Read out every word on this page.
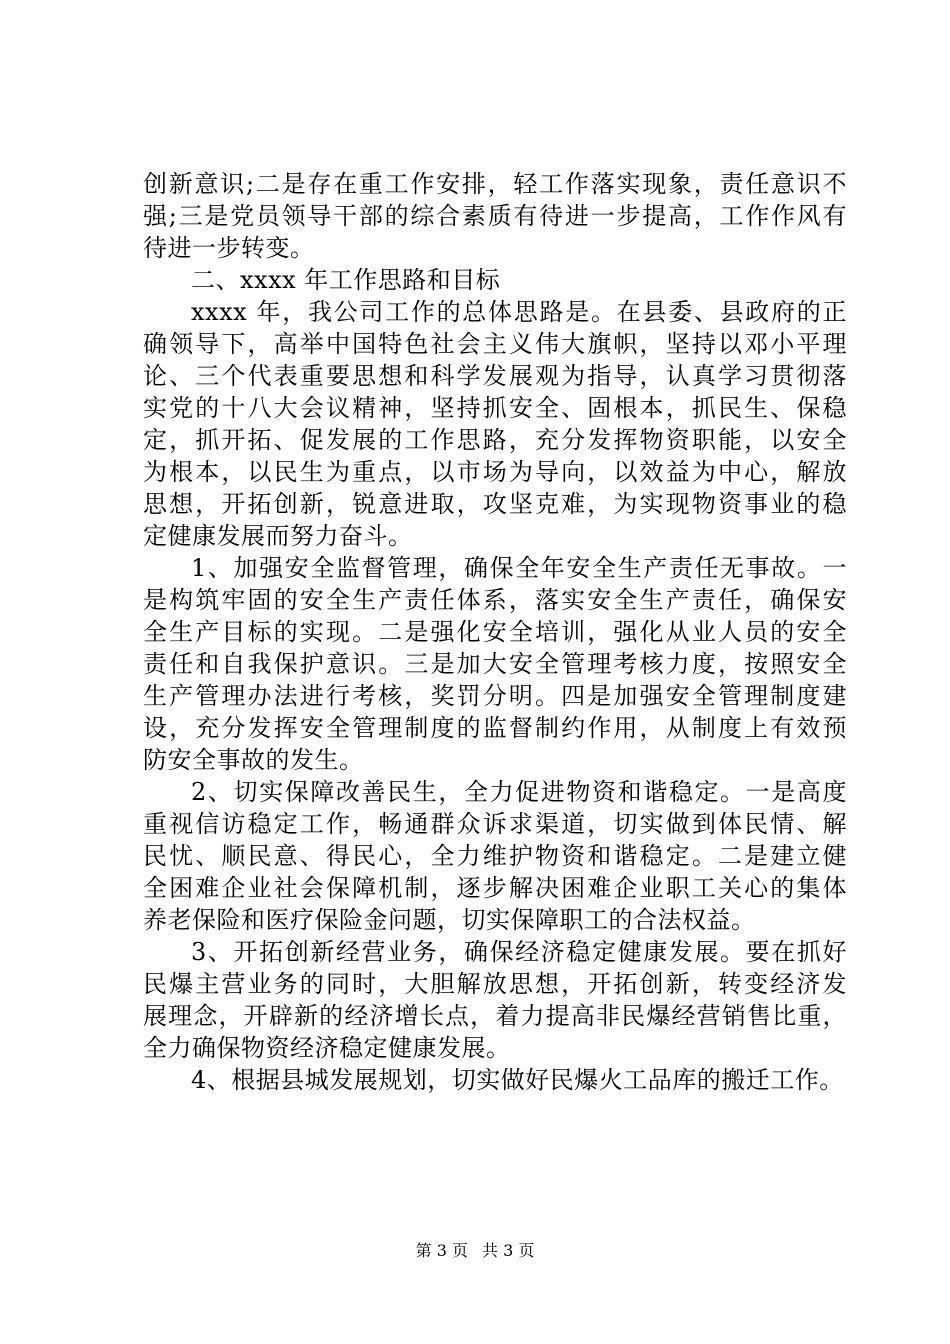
创新意识;二是存在重工作安排，轻工作落实现象，责任意识不
强;三是党员领导干部的综合素质有待进一步提高，工作作风有
待进一步转变。
二、xxxx 年工作思路和目标
xxxx 年，我公司工作的总体思路是。在县委、县政府的正
确领导下，高举中国特色社会主义伟大旗帜，坚持以邓小平理
论、三个代表重要思想和科学发展观为指导，认真学习贯彻落
实党的十八大会议精神，坚持抓安全、固根本，抓民生、保稳
定，抓开拓、促发展的工作思路，充分发挥物资职能，以安全
为根本，以民生为重点，以市场为导向，以效益为中心，解放
思想，开拓创新，锐意进取，攻坚克难，为实现物资事业的稳
定健康发展而努力奋斗。
1、加强安全监督管理，确保全年安全生产责任无事故。一
是构筑牢固的安全生产责任体系，落实安全生产责任，确保安
全生产目标的实现。二是强化安全培训，强化从业人员的安全
责任和自我保护意识。三是加大安全管理考核力度，按照安全
生产管理办法进行考核，奖罚分明。四是加强安全管理制度建
设，充分发挥安全管理制度的监督制约作用，从制度上有效预
防安全事故的发生。
2、切实保障改善民生，全力促进物资和谐稳定。一是高度
重视信访稳定工作，畅通群众诉求渠道，切实做到体民情、解
民忧、顺民意、得民心，全力维护物资和谐稳定。二是建立健
全困难企业社会保障机制，逐步解决困难企业职工关心的集体
养老保险和医疗保险金问题，切实保障职工的合法权益。
3、开拓创新经营业务，确保经济稳定健康发展。要在抓好
民爆主营业务的同时，大胆解放思想，开拓创新，转变经济发
展理念，开辟新的经济增长点，着力提高非民爆经营销售比重，
全力确保物资经济稳定健康发展。
4、根据县城发展规划，切实做好民爆火工品库的搬迁工作。
第 3 页 共 3 页
